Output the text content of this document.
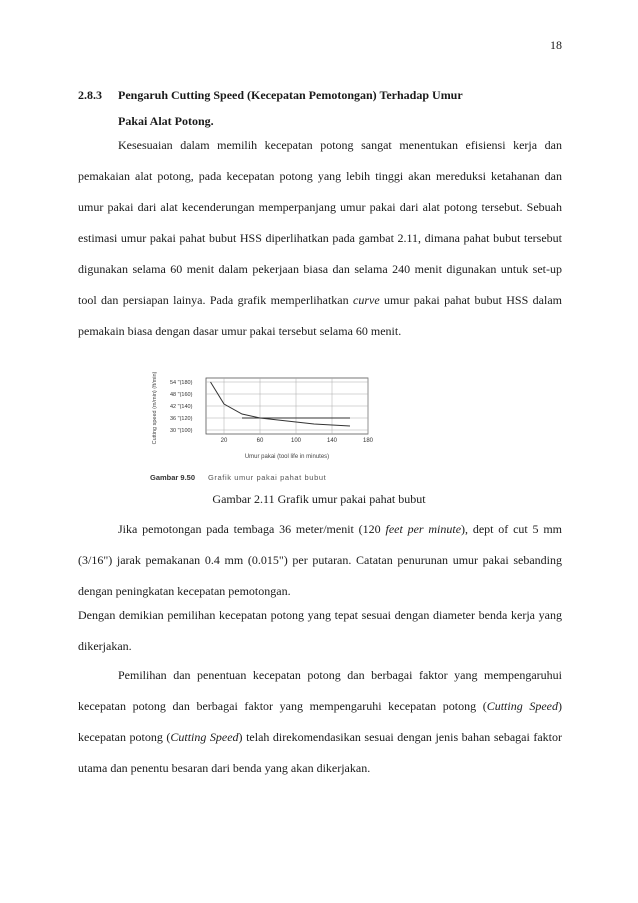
18
2.8.3 Pengaruh Cutting Speed (Kecepatan Pemotongan) Terhadap Umur
Pakai Alat Potong.

Kesesuaian dalam memilih kecepatan potong sangat menentukan efisiensi kerja dan pemakaian alat potong, pada kecepatan potong yang lebih tinggi akan mereduksi ketahanan dan umur pakai dari alat kecenderungan memperpanjang umur pakai dari alat potong tersebut. Sebuah estimasi umur pakai pahat bubut HSS diperlihatkan pada gambat 2.11, dimana pahat bubut tersebut digunakan selama 60 menit dalam pekerjaan biasa dan selama 240 menit digunakan untuk set-up tool dan persiapan lainya. Pada grafik memperlihatkan curve umur pakai pahat bubut HSS dalam pemakain biasa dengan dasar umur pakai tersebut selama 60 menit.

54 "(180)
48 "(160)
42 "(140)
36 "(120)
30 "(100)
20	60	100	140	180
Cutting speed (m/min) (ft/min)
Umur pakai (tool life in minutes)
Gambar 9.50 Grafik umur pakai pahat bubut
Gambar 2.11 Grafik umur pakai pahat bubut

Jika pemotongan pada tembaga 36 meter/menit (120 feet per minute), dept of cut 5 mm (3/16") jarak pemakanan 0.4 mm (0.015") per putaran. Catatan penurunan umur pakai sebanding dengan peningkatan kecepatan pemotongan.

Dengan demikian pemilihan kecepatan potong yang tepat sesuai dengan diameter benda kerja yang dikerjakan.

Pemilihan dan penentuan kecepatan potong dan berbagai faktor yang mempengaruhui kecepatan potong dan berbagai faktor yang mempengaruhi kecepatan potong (Cutting Speed) kecepatan potong (Cutting Speed) telah direkomendasikan sesuai dengan jenis bahan sebagai faktor utama dan penentu besaran dari benda yang akan dikerjakan.
